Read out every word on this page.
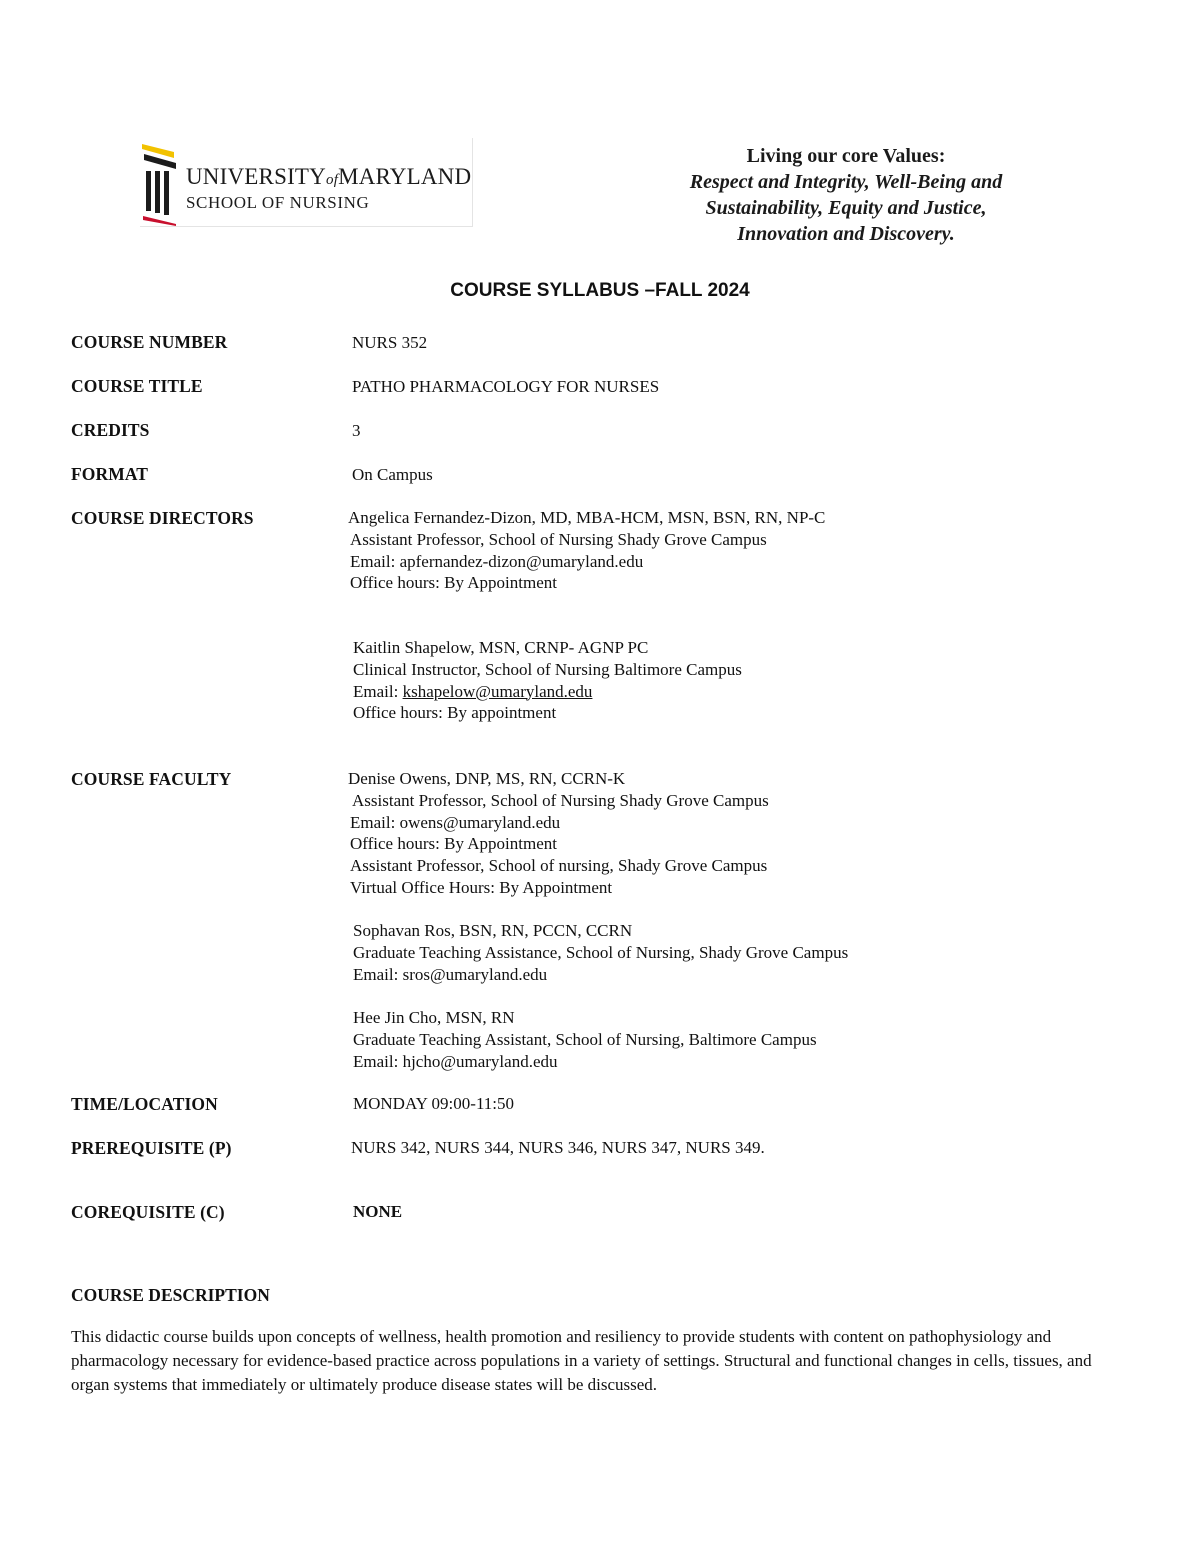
UNIVERSITYofMARYLAND
SCHOOL OF NURSING
Living our core Values:
Respect and Integrity, Well-Being and
Sustainability, Equity and Justice,
Innovation and Discovery.
COURSE SYLLABUS –FALL 2024
COURSE NUMBER	NURS 352
COURSE TITLE	PATHO PHARMACOLOGY FOR NURSES
CREDITS	3
FORMAT	On Campus
COURSE DIRECTORS	Angelica Fernandez-Dizon, MD, MBA-HCM, MSN, BSN, RN, NP-C
Assistant Professor, School of Nursing Shady Grove Campus
Email: apfernandez-dizon@umaryland.edu
Office hours: By Appointment
Kaitlin Shapelow, MSN, CRNP- AGNP PC
Clinical Instructor, School of Nursing Baltimore Campus
Email: kshapelow@umaryland.edu
Office hours: By appointment
COURSE FACULTY	Denise Owens, DNP, MS, RN, CCRN-K
Assistant Professor, School of Nursing Shady Grove Campus
Email: owens@umaryland.edu
Office hours: By Appointment
Assistant Professor, School of nursing, Shady Grove Campus
Virtual Office Hours: By Appointment
Sophavan Ros, BSN, RN, PCCN, CCRN
Graduate Teaching Assistance, School of Nursing, Shady Grove Campus
Email: sros@umaryland.edu
Hee Jin Cho, MSN, RN
Graduate Teaching Assistant, School of Nursing, Baltimore Campus
Email: hjcho@umaryland.edu
TIME/LOCATION	MONDAY 09:00-11:50
PREREQUISITE (P)	NURS 342, NURS 344, NURS 346, NURS 347, NURS 349.
COREQUISITE (C)	NONE
COURSE DESCRIPTION
This didactic course builds upon concepts of wellness, health promotion and resiliency to provide students with content on pathophysiology and pharmacology necessary for evidence-based practice across populations in a variety of settings. Structural and functional changes in cells, tissues, and organ systems that immediately or ultimately produce disease states will be discussed.
